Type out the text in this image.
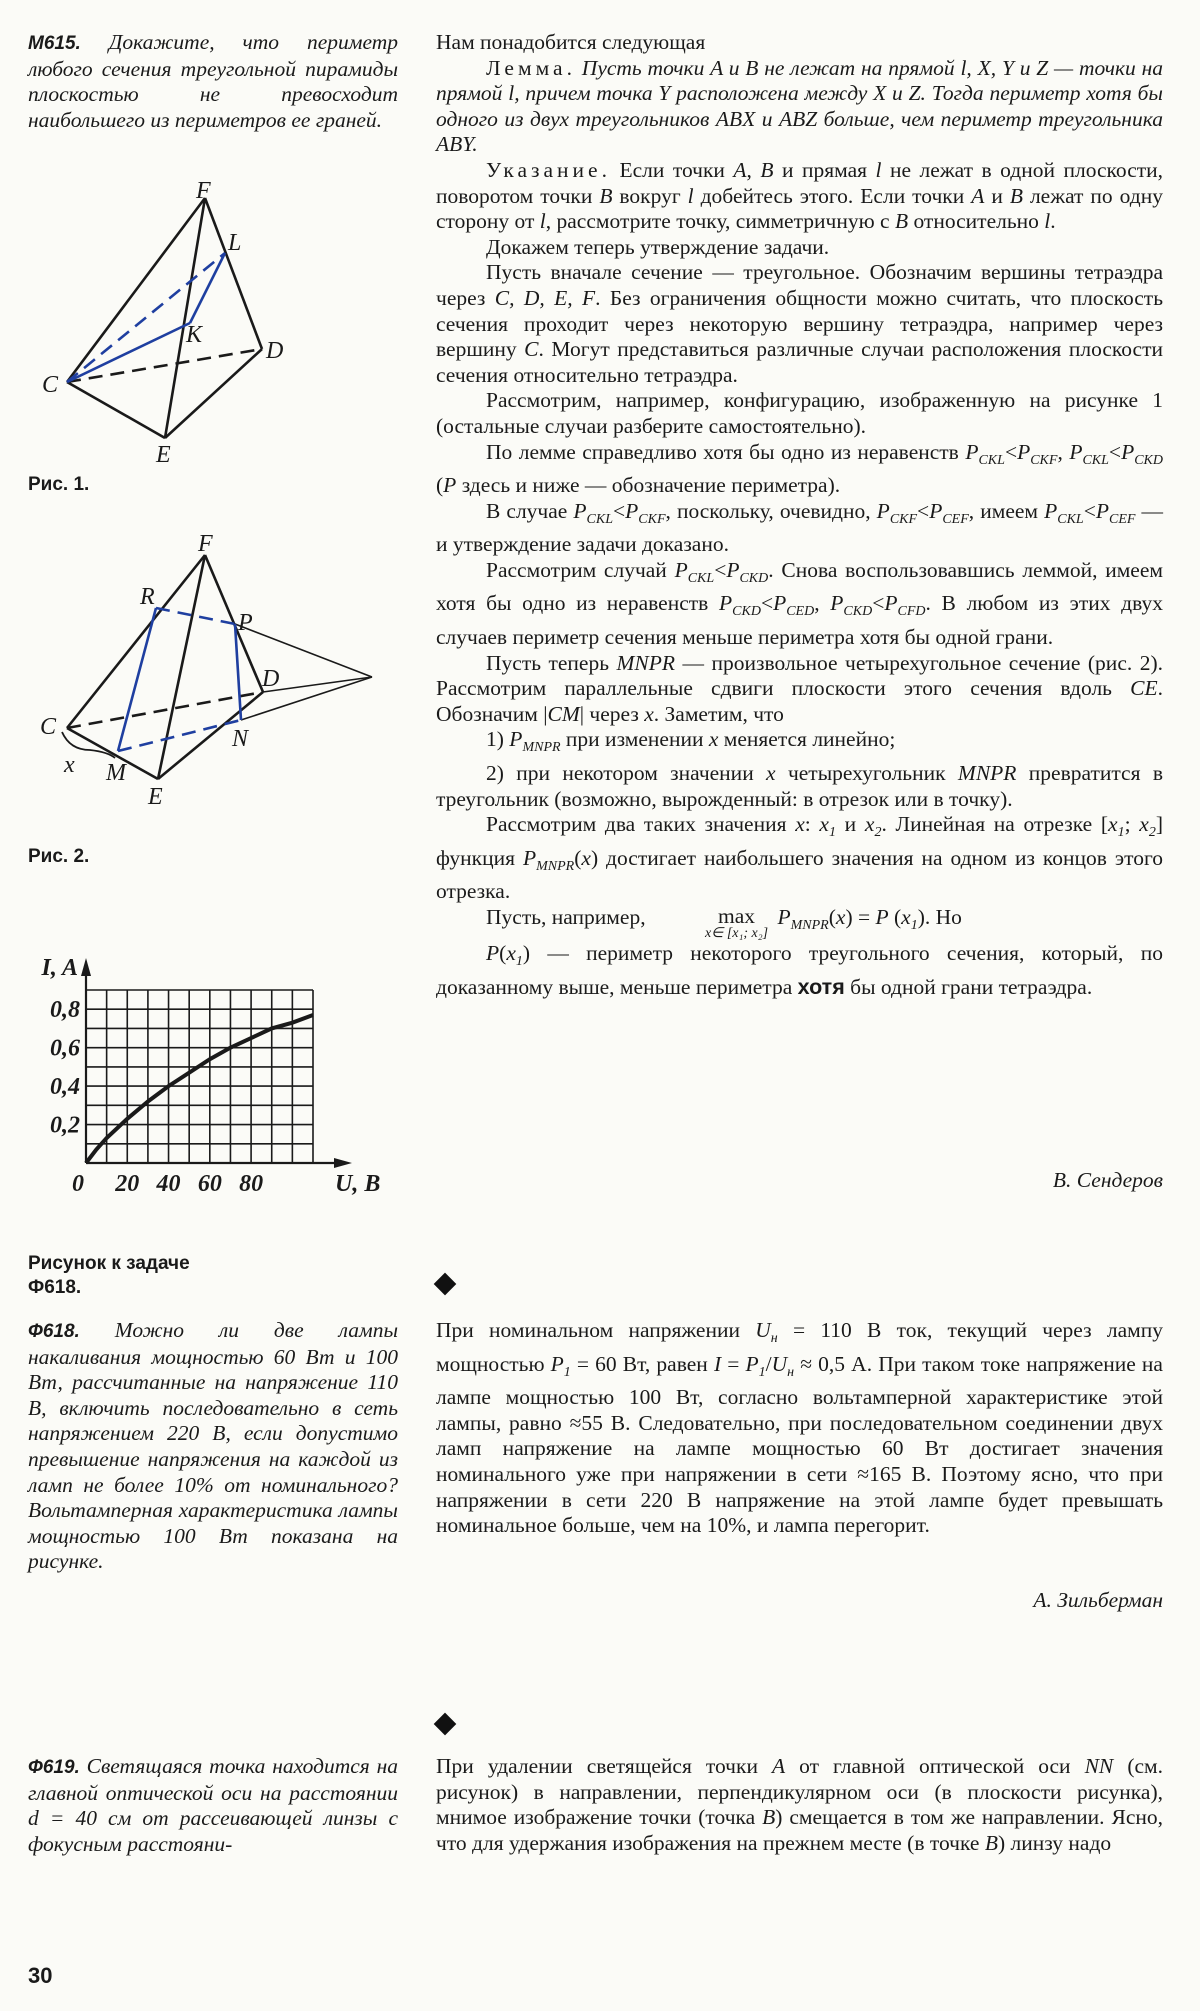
М615. Докажите, что периметр любого сечения треугольной пирамиды плоскостью не превосходит наибольшего из периметров ее граней.

F
L
K
D
C
E
Рис. 1.
F
R
P
D
C	N
M
E
x
Рис. 2.
0 20 40 60 80
0,2
0,4
0,6
0,8
I, A
U, B
Рисунок к задаче Ф618.

Ф618. Можно ли две лампы накаливания мощностью 60 Вт и 100 Вт, рассчитанные на напряжение 110 В, включить последовательно в сеть напряжением 220 В, если допустимо превышение напряжения на каждой из ламп не более 10% от номинального? Вольтамперная характеристика лампы мощностью 100 Вт показана на рисунке.

Ф619. Светящаяся точка находится на главной оптической оси на расстоянии d = 40 см от рассеивающей линзы с фокусным расстояни-

30

Нам понадобится следующая

Лемма. Пусть точки A и B не лежат на прямой l, X, Y и Z — точки на прямой l, причем точка Y расположена между X и Z. Тогда периметр хотя бы одного из двух треугольников ABX и ABZ больше, чем периметр треугольника ABY.

Указание. Если точки A, B и прямая l не лежат в одной плоскости, поворотом точки B вокруг l добейтесь этого. Если точки A и B лежат по одну сторону от l, рассмотрите точку, симметричную с B относительно l.

Докажем теперь утверждение задачи.

Пусть вначале сечение — треугольное. Обозначим вершины тетраэдра через C, D, E, F. Без ограничения общности можно считать, что плоскость сечения проходит через некоторую вершину тетраэдра, например через вершину C. Могут представиться различные случаи расположения плоскости сечения относительно тетраэдра.

Рассмотрим, например, конфигурацию, изображенную на рисунке 1 (остальные случаи разберите самостоятельно).

По лемме справедливо хотя бы одно из неравенств $P_{CKL}<P_{CKF}$, $P_{CKL}<P_{CKD}$ (P здесь и ниже — обозначение периметра).

В случае $P_{CKL}<P_{CKF}$, поскольку, очевидно, $P_{CKF}<P_{CEF}$, имеем $P_{CKL}<P_{CEF}$ — и утверждение задачи доказано.

Рассмотрим случай $P_{CKL}<P_{CKD}$. Снова воспользовавшись леммой, имеем хотя бы одно из неравенств $P_{CKD}<P_{CED}$, $P_{CKD}<P_{CFD}$. В любом из этих двух случаев периметр сечения меньше периметра хотя бы одной грани.

Пусть теперь MNPR — произвольное четырехугольное сечение (рис. 2). Рассмотрим параллельные сдвиги плоскости этого сечения вдоль CE. Обозначим |CM| через x. Заметим, что

1) $P_{MNPR}$ при изменении x меняется линейно;

2) при некотором значении x четырехугольник MNPR превратится в треугольник (возможно, вырожденный: в отрезок или в точку).

Рассмотрим два таких значения x: $x_1$ и $x_2$. Линейная на отрезке [$x_1$; $x_2$] функция $P_{MNPR}(x)$ достигает наибольшего значения на одном из концов этого отрезка.

Пусть, например,	max
x∈ [x₁; x₂]
$P_{MNPR}(x) = P$ $(x_1)$. Но

$P(x_1)$ — периметр некоторого треугольного сечения, который, по доказанному выше, меньше периметра хотя бы одной грани тетраэдра.

В. Сендеров

При номинальном напряжении $U_н = 110$ В ток, текущий через лампу мощностью $P_1 = 60$ Вт, равен $I = P_1/U_н \approx 0,5$ А. При таком токе напряжение на лампе мощностью 100 Вт, согласно вольтамперной характеристике этой лампы, равно ≈55 В. Следовательно, при последовательном соединении двух ламп напряжение на лампе мощностью 60 Вт достигает значения номинального уже при напряжении в сети ≈165 В. Поэтому ясно, что при напряжении в сети 220 В напряжение на этой лампе будет превышать номинальное больше, чем на 10%, и лампа перегорит.

А. Зильберман

При удалении светящейся точки A от главной оптической оси NN (см. рисунок) в направлении, перпендикулярном оси (в плоскости рисунка), мнимое изображение точки (точка B) смещается в том же направлении. Ясно, что для удержания изображения на прежнем месте (в точке B) линзу надо
